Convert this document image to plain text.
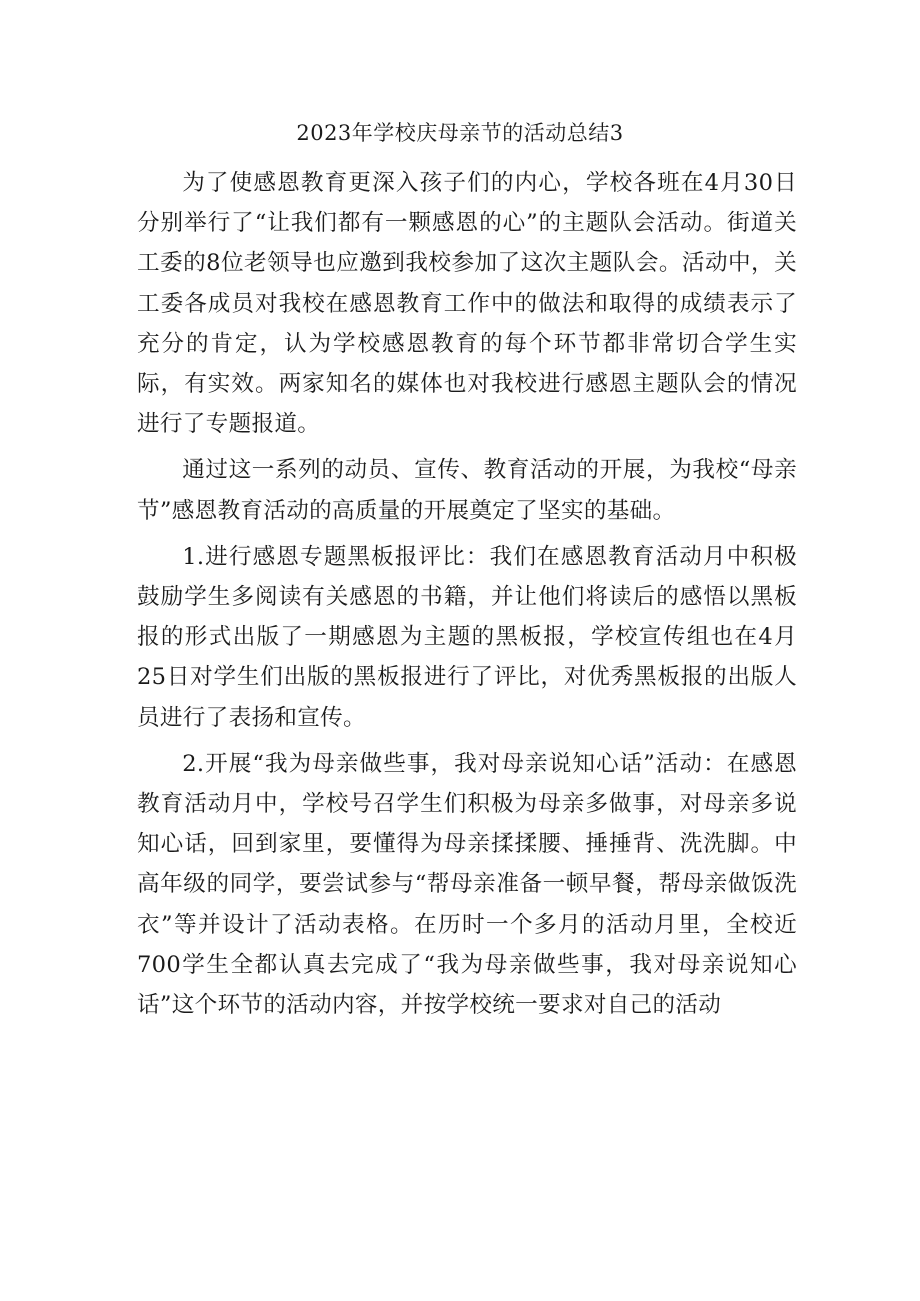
2023年学校庆母亲节的活动总结3

为了使感恩教育更深入孩子们的内心，学校各班在4月30日分别举行了“让我们都有一颗感恩的心”的主题队会活动。街道关工委的8位老领导也应邀到我校参加了这次主题队会。活动中，关工委各成员对我校在感恩教育工作中的做法和取得的成绩表示了充分的肯定，认为学校感恩教育的每个环节都非常切合学生实际，有实效。两家知名的媒体也对我校进行感恩主题队会的情况进行了专题报道。

通过这一系列的动员、宣传、教育活动的开展，为我校“母亲节”感恩教育活动的高质量的开展奠定了坚实的基础。

1.进行感恩专题黑板报评比：我们在感恩教育活动月中积极鼓励学生多阅读有关感恩的书籍，并让他们将读后的感悟以黑板报的形式出版了一期感恩为主题的黑板报，学校宣传组也在4月25日对学生们出版的黑板报进行了评比，对优秀黑板报的出版人员进行了表扬和宣传。

2.开展“我为母亲做些事，我对母亲说知心话”活动：在感恩教育活动月中，学校号召学生们积极为母亲多做事，对母亲多说知心话，回到家里，要懂得为母亲揉揉腰、捶捶背、洗洗脚。中高年级的同学，要尝试参与“帮母亲准备一顿早餐，帮母亲做饭洗衣”等并设计了活动表格。在历时一个多月的活动月里，全校近700学生全都认真去完成了“我为母亲做些事，我对母亲说知心话”这个环节的活动内容，并按学校统一要求对自己的活动
